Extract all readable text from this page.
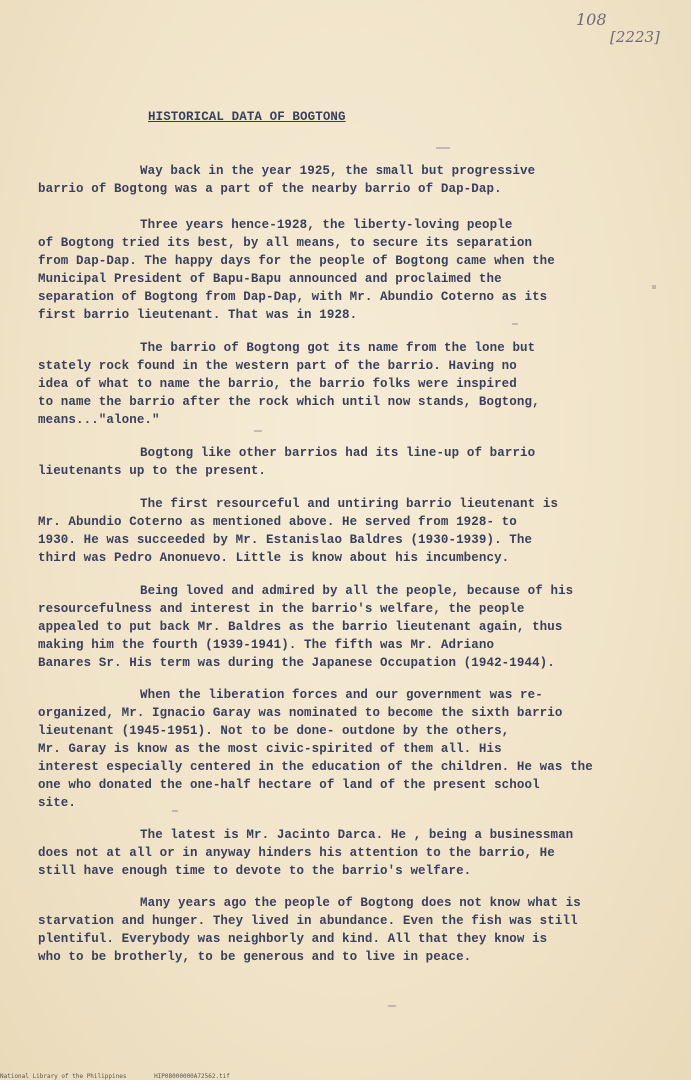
108
[2223]
HISTORICAL DATA OF BOGTONG
Way back in the year 1925, the small but progressive
barrio of Bogtong was a part of the nearby barrio of Dap-Dap.
Three years hence-1928, the liberty-loving people
of Bogtong tried its best, by all means, to secure its separation
from Dap-Dap. The happy days for the people of Bogtong came when the
Municipal President of Bapu-Bapu announced and proclaimed the
separation of Bogtong from Dap-Dap, with Mr. Abundio Coterno as its
first barrio lieutenant. That was in 1928.
The barrio of Bogtong got its name from the lone but
stately rock found in the western part of the barrio. Having no
idea of what to name the barrio, the barrio folks were inspired
to name the barrio after the rock which until now stands, Bogtong,
means..."alone."
Bogtong like other barrios had its line-up of barrio
lieutenants up to the present.
The first resourceful and untiring barrio lieutenant is
Mr. Abundio Coterno as mentioned above. He served from 1928- to
1930. He was succeeded by Mr. Estanislao Baldres (1930-1939). The
third was Pedro Anonuevo. Little is know about his incumbency.
Being loved and admired by all the people, because of his
resourcefulness and interest in the barrio's welfare, the people
appealed to put back Mr. Baldres as the barrio lieutenant again, thus
making him the fourth (1939-1941). The fifth was Mr. Adriano
Banares Sr. His term was during the Japanese Occupation (1942-1944).
When the liberation forces and our government was re-
organized, Mr. Ignacio Garay was nominated to become the sixth barrio
lieutenant (1945-1951). Not to be done- outdone by the others,
Mr. Garay is know as the most civic-spirited of them all. His
interest especially centered in the education of the children. He was the
one who donated the one-half hectare of land of the present school
site.
The latest is Mr. Jacinto Darca. He , being a businessman
does not at all or in anyway hinders his attention to the barrio, He
still have enough time to devote to the barrio's welfare.
Many years ago the people of Bogtong does not know what is
starvation and hunger. They lived in abundance. Even the fish was still
plentiful. Everybody was neighborly and kind. All that they know is
who to be brotherly, to be generous and to live in peace.
National Library of the Philippines	HIP08000000A72562.tif
